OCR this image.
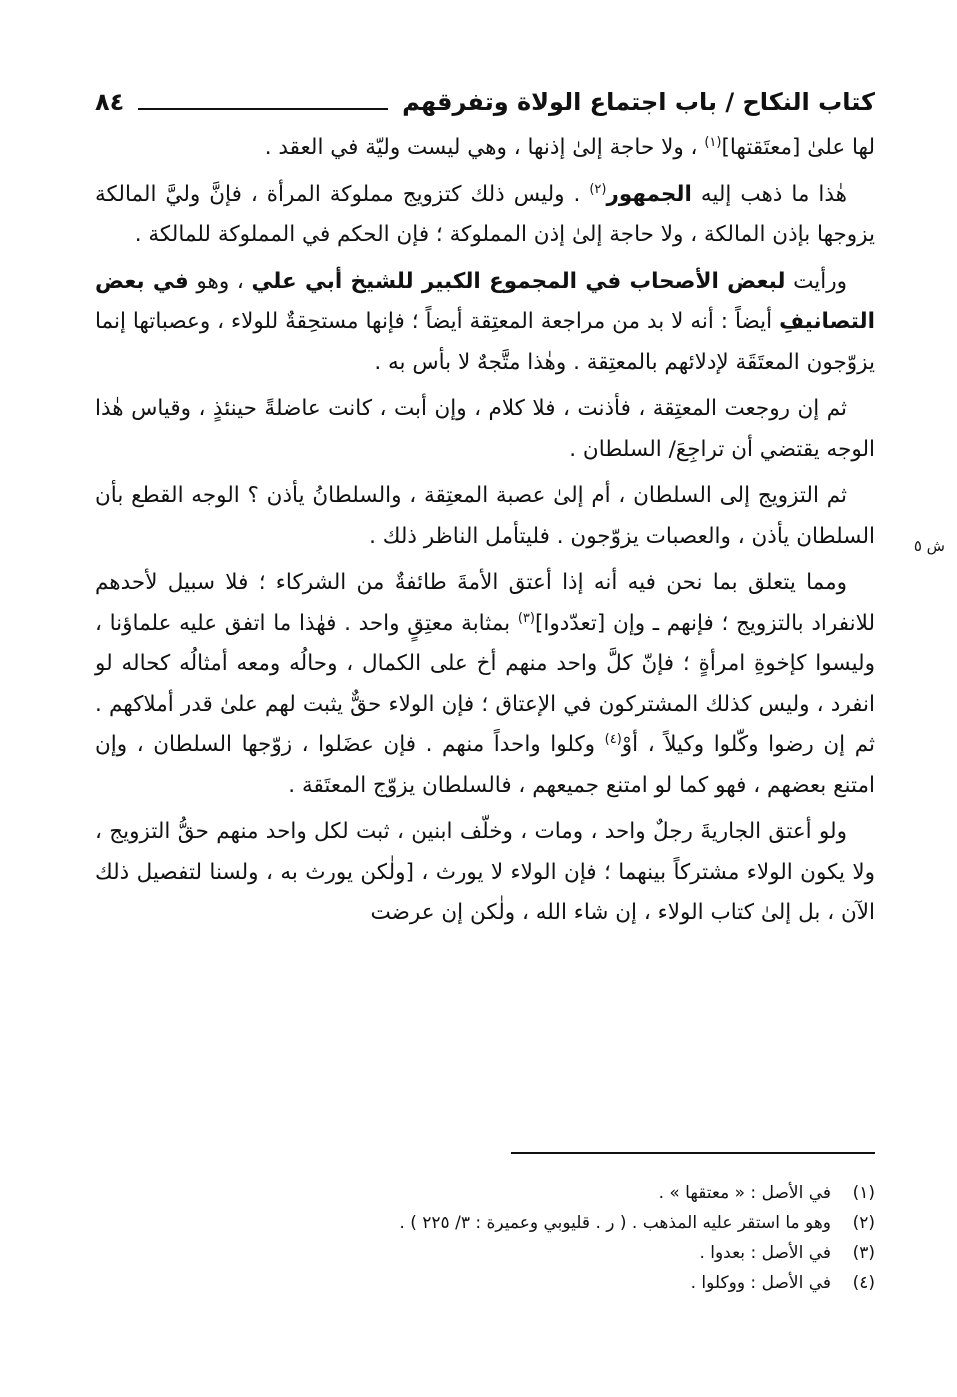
كتاب النكاح / باب اجتماع الولاة وتفرقهم
٨٤
ش ٥

لها علىٰ [معتَقتها]$^{(١)}$ ، ولا حاجة إلىٰ إذنها ، وهي ليست وليّة في العقد .

هٰذا ما ذهب إليه الجمهور$^{(٢)}$ . وليس ذلك كتزويج مملوكة المرأة ، فإنَّ وليَّ المالكة يزوجها بإذن المالكة ، ولا حاجة إلىٰ إذن المملوكة ؛ فإن الحكم في المملوكة للمالكة .

ورأيت لبعض الأصحاب في المجموع الكبير للشيخ أبي علي ، وهو في بعض التصانيفِ أيضاً : أنه لا بد من مراجعة المعتِقة أيضاً ؛ فإنها مستحِقةٌ للولاء ، وعصباتها إنما يزوّجون المعتَقَة لإدلائهم بالمعتِقة . وهٰذا متَّجهٌ لا بأس به .

ثم إن روجعت المعتِقة ، فأذنت ، فلا كلام ، وإن أبت ، كانت عاضلةً حينئذٍ ، وقياس هٰذا الوجه يقتضي أن تراجِعَ/ السلطان .

ثم التزويج إلى السلطان ، أم إلىٰ عصبة المعتِقة ، والسلطانُ يأذن ؟ الوجه القطع بأن السلطان يأذن ، والعصبات يزوّجون . فليتأمل الناظر ذلك .

ومما يتعلق بما نحن فيه أنه إذا أعتق الأمةَ طائفةٌ من الشركاء ؛ فلا سبيل لأحدهم للانفراد بالتزويج ؛ فإنهم ـ وإن [تعدّدوا]$^{(٣)}$ بمثابة معتِقٍ واحد . فهٰذا ما اتفق عليه علماؤنا ، وليسوا كإخوةِ امرأةٍ ؛ فإنّ كلَّ واحد منهم أخ على الكمال ، وحالُه ومعه أمثالُه كحاله لو انفرد ، وليس كذلك المشتركون في الإعتاق ؛ فإن الولاء حقٌّ يثبت لهم علىٰ قدر أملاكهم . ثم إن رضوا وكّلوا وكيلاً ، أوْ$^{(٤)}$ وكلوا واحداً منهم . فإن عضَلوا ، زوّجها السلطان ، وإن امتنع بعضهم ، فهو كما لو امتنع جميعهم ، فالسلطان يزوّج المعتَقة .

ولو أعتق الجاريةَ رجلٌ واحد ، ومات ، وخلّف ابنين ، ثبت لكل واحد منهم حقُّ التزويج ، ولا يكون الولاء مشتركاً بينهما ؛ فإن الولاء لا يورث ، [ولٰكن يورث به ، ولسنا لتفصيل ذلك الآن ، بل إلىٰ كتاب الولاء ، إن شاء الله ، ولٰكن إن عرضت

(١)
في الأصل : « معتقها » .
(٢)
وهو ما استقر عليه المذهب . ( ر . قليوبي وعميرة : ٣/ ٢٢٥ ) .
(٣)
في الأصل : بعدوا .
(٤)
في الأصل : ووكلوا .
